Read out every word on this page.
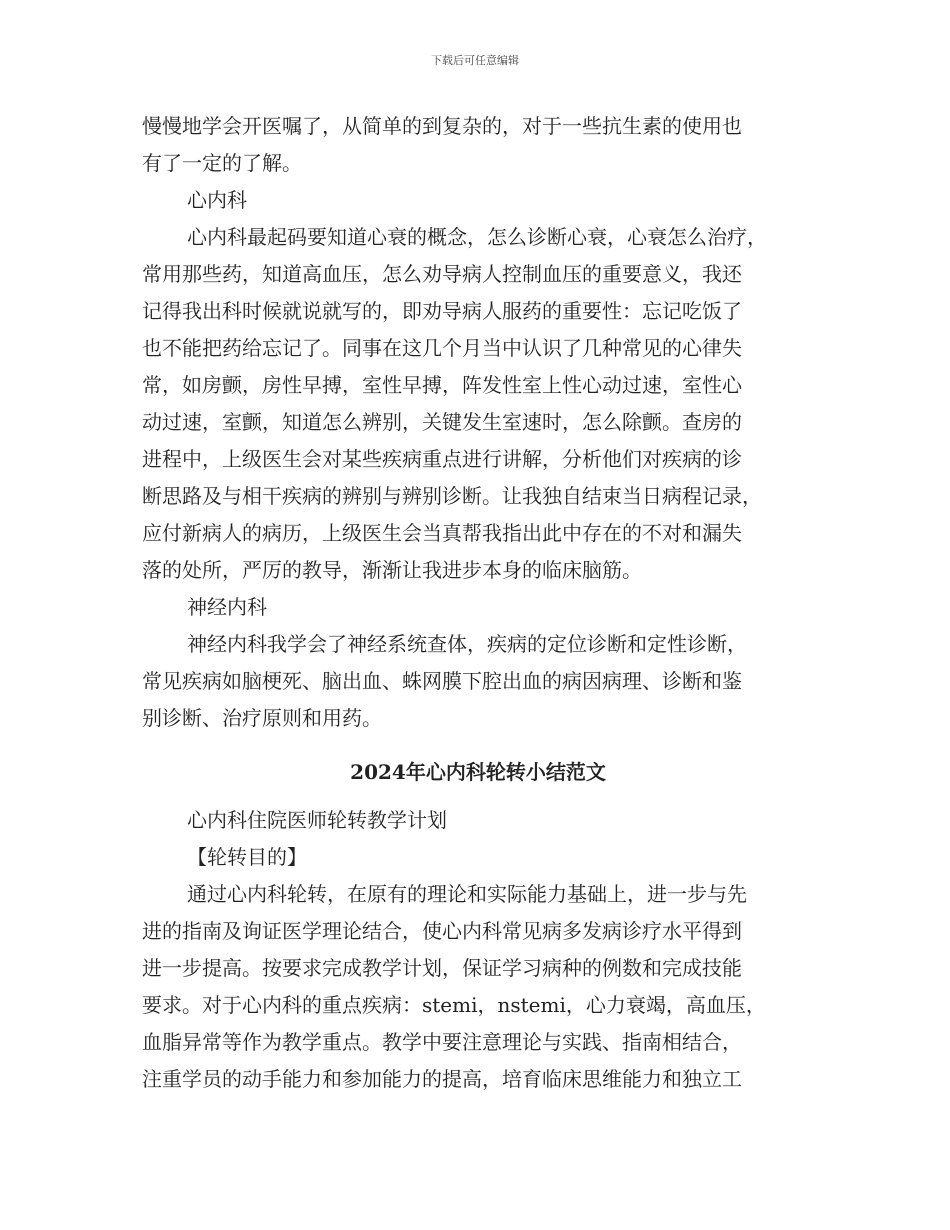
下载后可任意编辑
慢慢地学会开医嘱了，从简单的到复杂的，对于一些抗生素的使用也
有了一定的了解。
心内科
心内科最起码要知道心衰的概念，怎么诊断心衰，心衰怎么治疗，
常用那些药，知道高血压，怎么劝导病人控制血压的重要意义，我还
记得我出科时候就说就写的，即劝导病人服药的重要性：忘记吃饭了
也不能把药给忘记了。同事在这几个月当中认识了几种常见的心律失
常，如房颤，房性早搏，室性早搏，阵发性室上性心动过速，室性心
动过速，室颤，知道怎么辨别，关键发生室速时，怎么除颤。查房的
进程中，上级医生会对某些疾病重点进行讲解，分析他们对疾病的诊
断思路及与相干疾病的辨别与辨别诊断。让我独自结束当日病程记录，
应付新病人的病历，上级医生会当真帮我指出此中存在的不对和漏失
落的处所，严厉的教导，渐渐让我进步本身的临床脑筋。
神经内科
神经内科我学会了神经系统查体，疾病的定位诊断和定性诊断，
常见疾病如脑梗死、脑出血、蛛网膜下腔出血的病因病理、诊断和鉴
别诊断、治疗原则和用药。
2024年心内科轮转小结范文
心内科住院医师轮转教学计划
【轮转目的】
通过心内科轮转，在原有的理论和实际能力基础上，进一步与先
进的指南及询证医学理论结合，使心内科常见病多发病诊疗水平得到
进一步提高。按要求完成教学计划，保证学习病种的例数和完成技能
要求。对于心内科的重点疾病：stemi，nstemi，心力衰竭，高血压，
血脂异常等作为教学重点。教学中要注意理论与实践、指南相结合，
注重学员的动手能力和参加能力的提高，培育临床思维能力和独立工
